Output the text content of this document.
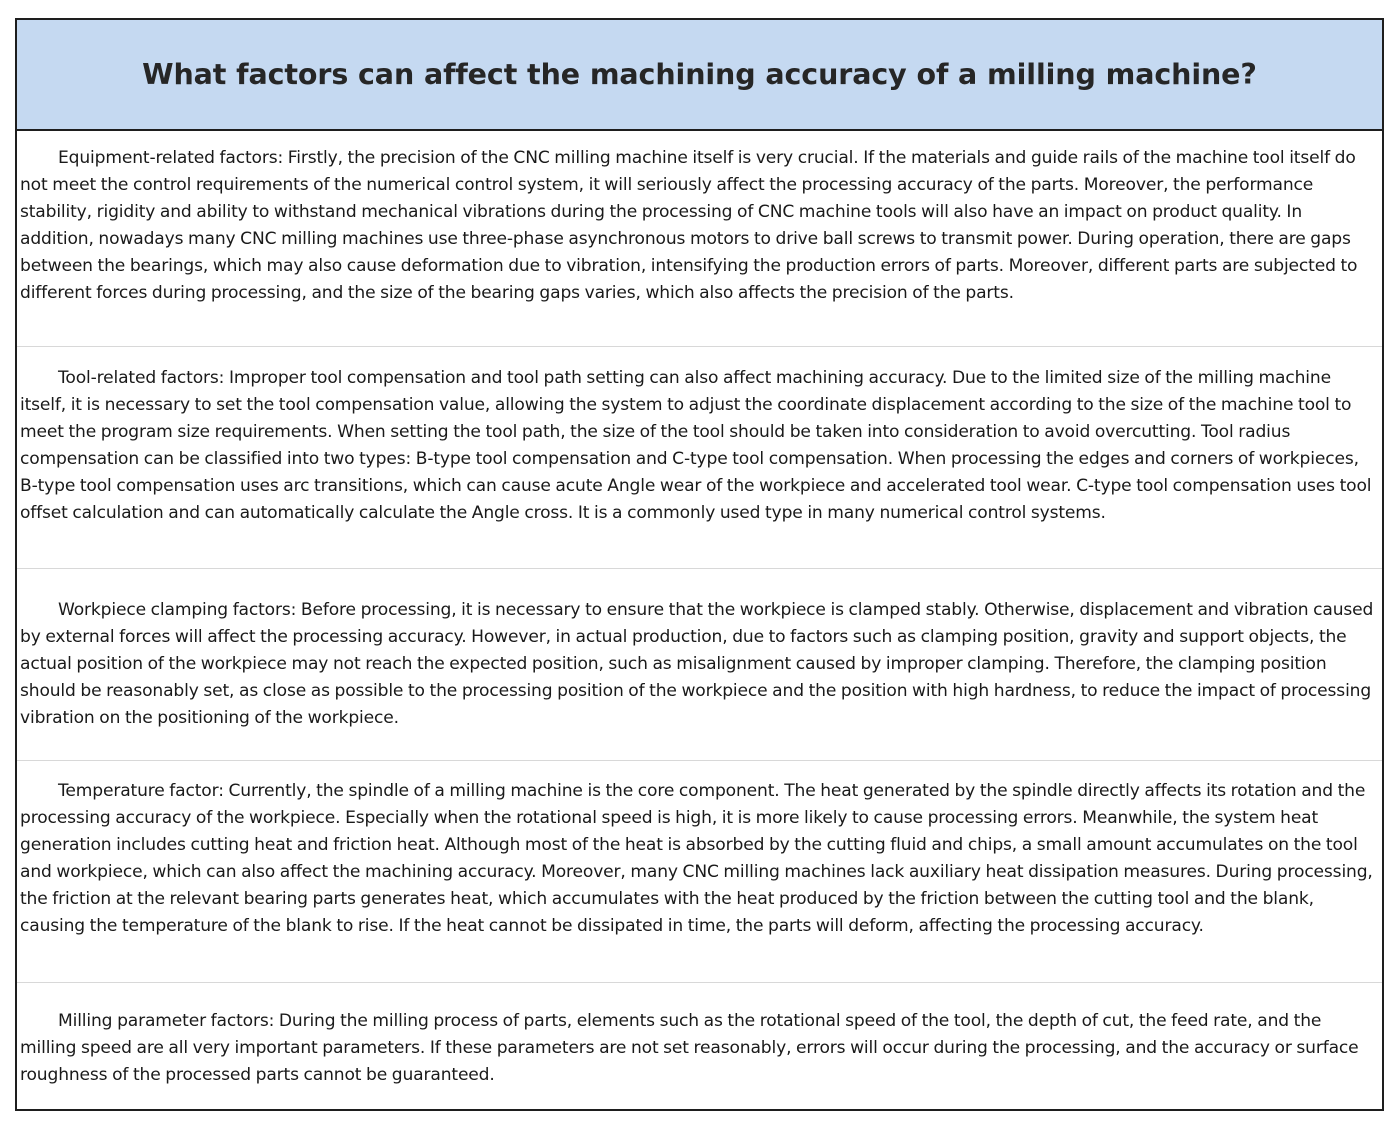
What factors can affect the machining accuracy of a milling machine?

Equipment-related factors: Firstly, the precision of the CNC milling machine itself is very crucial. If the materials and guide rails of the machine tool itself do not meet the control requirements of the numerical control system, it will seriously affect the processing accuracy of the parts. Moreover, the performance stability, rigidity and ability to withstand mechanical vibrations during the processing of CNC machine tools will also have an impact on product quality. In addition, nowadays many CNC milling machines use three-phase asynchronous motors to drive ball screws to transmit power. During operation, there are gaps between the bearings, which may also cause deformation due to vibration, intensifying the production errors of parts. Moreover, different parts are subjected to different forces during processing, and the size of the bearing gaps varies, which also affects the precision of the parts.

Tool-related factors: Improper tool compensation and tool path setting can also affect machining accuracy. Due to the limited size of the milling machine itself, it is necessary to set the tool compensation value, allowing the system to adjust the coordinate displacement according to the size of the machine tool to meet the program size requirements. When setting the tool path, the size of the tool should be taken into consideration to avoid overcutting. Tool radius compensation can be classified into two types: B-type tool compensation and C-type tool compensation. When processing the edges and corners of workpieces, B-type tool compensation uses arc transitions, which can cause acute Angle wear of the workpiece and accelerated tool wear. C-type tool compensation uses tool offset calculation and can automatically calculate the Angle cross. It is a commonly used type in many numerical control systems.

Workpiece clamping factors: Before processing, it is necessary to ensure that the workpiece is clamped stably. Otherwise, displacement and vibration caused by external forces will affect the processing accuracy. However, in actual production, due to factors such as clamping position, gravity and support objects, the actual position of the workpiece may not reach the expected position, such as misalignment caused by improper clamping. Therefore, the clamping position should be reasonably set, as close as possible to the processing position of the workpiece and the position with high hardness, to reduce the impact of processing vibration on the positioning of the workpiece.

Temperature factor: Currently, the spindle of a milling machine is the core component. The heat generated by the spindle directly affects its rotation and the processing accuracy of the workpiece. Especially when the rotational speed is high, it is more likely to cause processing errors. Meanwhile, the system heat generation includes cutting heat and friction heat. Although most of the heat is absorbed by the cutting fluid and chips, a small amount accumulates on the tool and workpiece, which can also affect the machining accuracy. Moreover, many CNC milling machines lack auxiliary heat dissipation measures. During processing, the friction at the relevant bearing parts generates heat, which accumulates with the heat produced by the friction between the cutting tool and the blank, causing the temperature of the blank to rise. If the heat cannot be dissipated in time, the parts will deform, affecting the processing accuracy.

Milling parameter factors: During the milling process of parts, elements such as the rotational speed of the tool, the depth of cut, the feed rate, and the milling speed are all very important parameters. If these parameters are not set reasonably, errors will occur during the processing, and the accuracy or surface roughness of the processed parts cannot be guaranteed.
